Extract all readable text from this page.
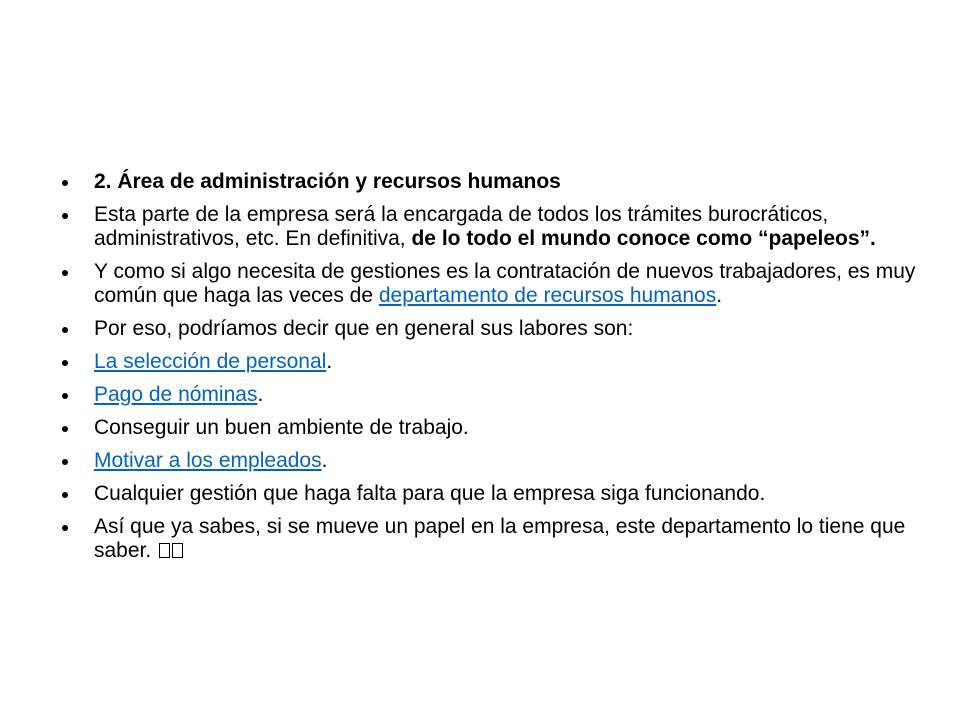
2. Área de administración y recursos humanos
Esta parte de la empresa será la encargada de todos los trámites burocráticos, administrativos, etc. En definitiva, de lo todo el mundo conoce como “papeleos”.
Y como si algo necesita de gestiones es la contratación de nuevos trabajadores, es muy común que haga las veces de departamento de recursos humanos.
Por eso, podríamos decir que en general sus labores son:
La selección de personal.
Pago de nóminas.
Conseguir un buen ambiente de trabajo.
Motivar a los empleados.
Cualquier gestión que haga falta para que la empresa siga funcionando.
Así que ya sabes, si se mueve un papel en la empresa, este departamento lo tiene que saber.
